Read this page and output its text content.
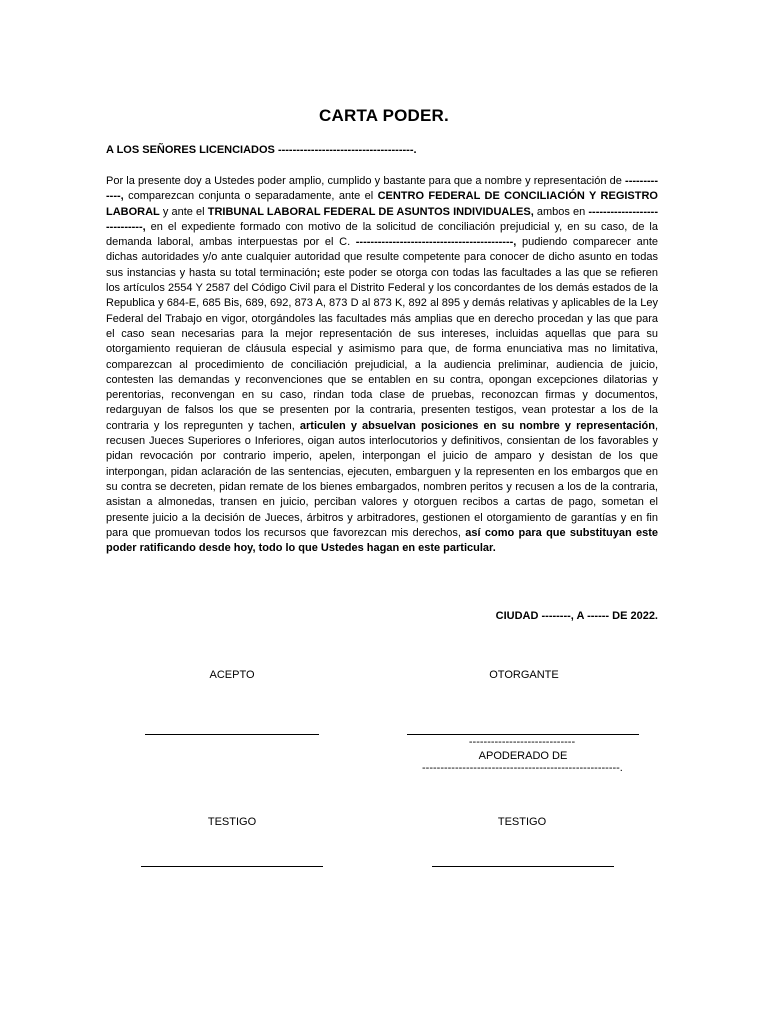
CARTA PODER.
A LOS SEÑORES LICENCIADOS -------------------------------------.
Por la presente doy a Ustedes poder amplio, cumplido y bastante para que a nombre y representación de -------------, comparezcan conjunta o separadamente, ante el CENTRO FEDERAL DE CONCILIACIÓN Y REGISTRO LABORAL y ante el TRIBUNAL LABORAL FEDERAL DE ASUNTOS INDIVIDUALES, ambos en -----------------------------, en el expediente formado con motivo de la solicitud de conciliación prejudicial y, en su caso, de la demanda laboral, ambas interpuestas por el C. -------------------------------------------, pudiendo comparecer ante dichas autoridades y/o ante cualquier autoridad que resulte competente para conocer de dicho asunto en todas sus instancias y hasta su total terminación; este poder se otorga con todas las facultades a las que se refieren los artículos 2554 Y 2587 del Código Civil para el Distrito Federal y los concordantes de los demás estados de la Republica y 684-E, 685 Bis, 689, 692, 873 A, 873 D al 873 K, 892 al 895 y demás relativas y aplicables de la Ley Federal del Trabajo en vigor, otorgándoles las facultades más amplias que en derecho procedan y las que para el caso sean necesarias para la mejor representación de sus intereses, incluidas aquellas que para su otorgamiento requieran de cláusula especial y asimismo para que, de forma enunciativa mas no limitativa, comparezcan al procedimiento de conciliación prejudicial, a la audiencia preliminar, audiencia de juicio, contesten las demandas y reconvenciones que se entablen en su contra, opongan excepciones dilatorias y perentorias, reconvengan en su caso, rindan toda clase de pruebas, reconozcan firmas y documentos, redarguyan de falsos los que se presenten por la contraria, presenten testigos, vean protestar a los de la contraria y los repregunten y tachen, articulen y absuelvan posiciones en su nombre y representación, recusen Jueces Superiores o Inferiores, oigan autos interlocutorios y definitivos, consientan de los favorables y pidan revocación por contrario imperio, apelen, interpongan el juicio de amparo y desistan de los que interpongan, pidan aclaración de las sentencias, ejecuten, embarguen y la representen en los embargos que en su contra se decreten, pidan remate de los bienes embargados, nombren peritos y recusen a los de la contraria, asistan a almonedas, transen en juicio, perciban valores y otorguen recibos a cartas de pago, sometan el presente juicio a la decisión de Jueces, árbitros y arbitradores, gestionen el otorgamiento de garantías y en fin para que promuevan todos los recursos que favorezcan mis derechos, así como para que substituyan este poder ratificando desde hoy, todo lo que Ustedes hagan en este particular.
CIUDAD --------, A ------ DE 2022.
ACEPTO	OTORGANTE
-----------------------------
APODERADO DE
------------------------------------------------------.
TESTIGO	TESTIGO
